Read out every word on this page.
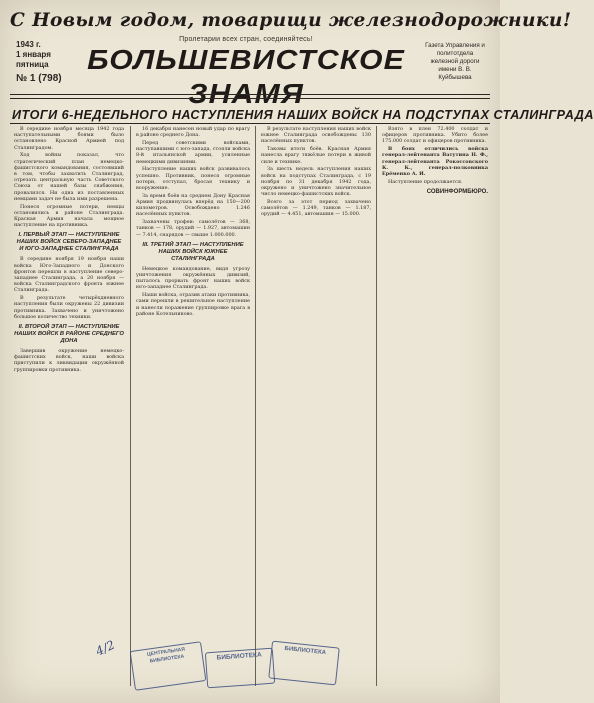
С Новым годом, товарищи железнодорожники!
1943 г.
1 января
пятница
№ 1 (798)
Пролетарии всех стран, соединяйтесь!
БОЛЬШЕВИСТСКОЕ ЗНАМЯ
Газета Управления и политотдела железной дороги имени В. В. Куйбышева
ИТОГИ 6-НЕДЕЛЬНОГО НАСТУПЛЕНИЯ НАШИХ ВОЙСК НА ПОДСТУПАХ СТАЛИНГРАДА

В середине ноября месяца 1942 года наступательными боями было остановлено Красной Армией под Сталинградом.

Ход войны показал, что стратегический план немецко-фашистского командования, состоявший в том, чтобы захватить Сталинград, отрезать центральную часть Советского Союза от нашей базы снабжения, провалился. Ни одна из поставленных немцами задач не была ими разрешена.

Понеся огромные потери, немцы остановились в районе Сталинграда. Красная Армия начала мощное наступление на противника.

I. ПЕРВЫЙ ЭТАП — НАСТУПЛЕНИЕ НАШИХ ВОЙСК СЕВЕРО-ЗАПАДНЕЕ И ЮГО-ЗАПАДНЕЕ СТАЛИНГРАДА

В середине ноября 19 ноября наши войска Юго-Западного и Донского фронтов перешли в наступление северо-западнее Сталинграда, а 20 ноября — войска Сталинградского фронта южнее Сталинграда.

В результате четырёхдневного наступления были окружены 22 дивизии противника. Захвачено и уничтожено большое количество техники.

II. ВТОРОЙ ЭТАП — НАСТУПЛЕНИЕ НАШИХ ВОЙСК В РАЙОНЕ СРЕДНЕГО ДОНА

Завершив окружение немецко-фашистских войск, наши войска приступили к ликвидации окружённой группировки противника.

16 декабря нанесен новый удар по врагу в районе среднего Дона.

Перед советскими войсками, наступавшими с юго-запада, стояли войска 8-й итальянской армии, усиленные немецкими дивизиями.

Наступление наших войск развивалось успешно. Противник, понеся огромные потери, отступал, бросая технику и вооружение.

За время боёв на среднем Дону Красная Армия продвинулась вперёд на 150—200 километров. Освобождено 1.246 населённых пунктов.

Захвачены трофеи: самолётов — 368, танков — 178, орудий — 1.927, автомашин — 7.414, снарядов — свыше 1.000.000.

III. ТРЕТИЙ ЭТАП — НАСТУПЛЕНИЕ НАШИХ ВОЙСК ЮЖНЕЕ СТАЛИНГРАДА

Немецкое командование, видя угрозу уничтожения окружённых дивизий, пыталось прорвать фронт наших войск юго-западнее Сталинграда.

Наши войска, отразив атаки противника, сами перешли в решительное наступление и нанесли поражение группировке врага в районе Котельниково.

В результате наступления наших войск южнее Сталинграда освобождены 130 населённых пунктов.

Таковы итоги боёв. Красная Армия нанесла врагу тяжёлые потери в живой силе и технике.

За шесть недель наступления наших войск на подступах Сталинграда, с 19 ноября по 31 декабря 1942 года, окружено и уничтожено значительное число немецко-фашистских войск.

Всего за этот период захвачено самолётов — 1.249, танков — 1.187, орудий — 4.451, автомашин — 15.000.

Взято в плен 72.400 солдат и офицеров противника. Убито более 175.000 солдат и офицеров противника.

В боях отличились войска генерал-лейтенанта Ватутина Н. Ф., генерал-лейтенанта Рокоссовского К. К., генерал-полковника Ерёменко А. И.

Наступление продолжается.

СОВИНФОРМБЮРО.

4/2	ЦЕНТРАЛЬНАЯ БИБЛИОТЕКА	БИБЛИОТЕКА
БИБЛИОТЕКА
